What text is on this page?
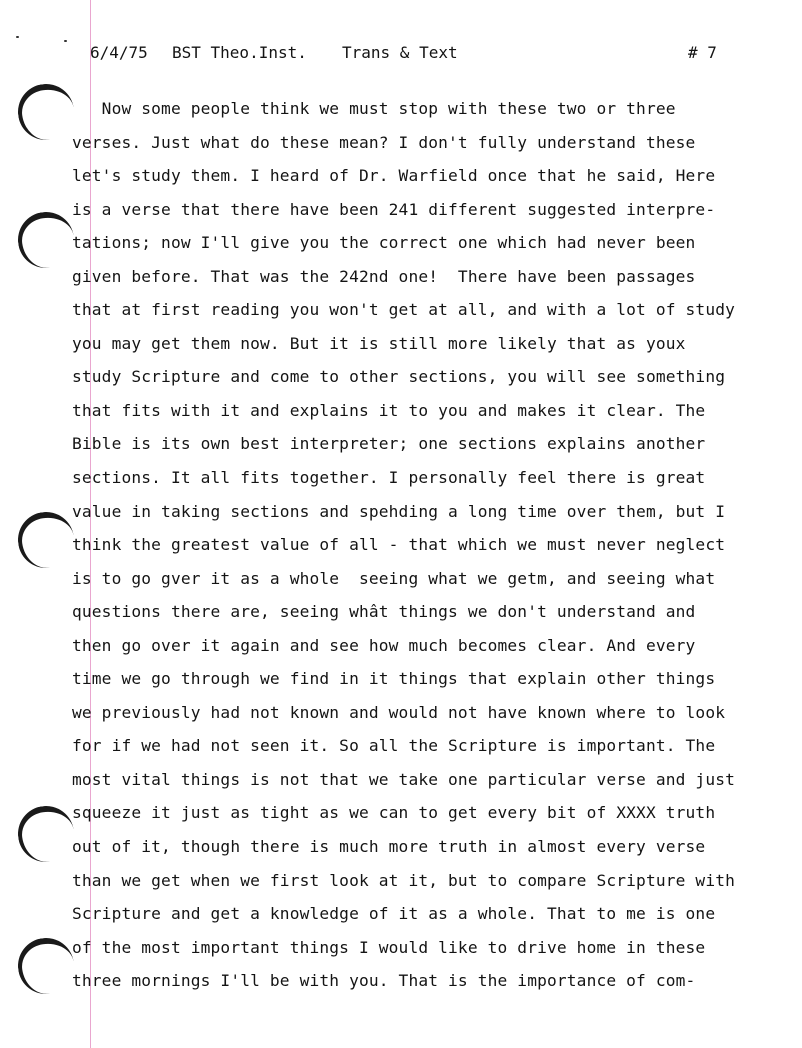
6/4/75

BST Theo.Inst.

Trans & Text

	# 7

Now some people think we must stop with these two or three
verses. Just what do these mean? I don't fully understand these
let's study them. I heard of Dr. Warfield once that he said, Here
is a verse that there have been 241 different suggested interpre-
tations; now I'll give you the correct one which had never been
given before. That was the 242nd one!  There have been passages
that at first reading you won't get at all, and with a lot of study
you may get them now. But it is still more likely that as youx
study Scripture and come to other sections, you will see something
that fits with it and explains it to you and makes it clear. The
Bible is its own best interpreter; one sections explains another
sections. It all fits together. I personally feel there is great
value in taking sections and spehding a long time over them, but I
think the greatest value of all - that which we must never neglect
is to go gver it as a whole  seeing what we getm, and seeing what
questions there are, seeing whât things we don't understand and
then go over it again and see how much becomes clear. And every
time we go through we find in it things that explain other things
we previously had not known and would not have known where to look
for if we had not seen it. So all the Scripture is important. The
most vital things is not that we take one particular verse and just
squeeze it just as tight as we can to get every bit of XXXX truth
out of it, though there is much more truth in almost every verse
than we get when we first look at it, but to compare Scripture with
Scripture and get a knowledge of it as a whole. That to me is one
of the most important things I would like to drive home in these
three mornings I'll be with you. That is the importance of com-
